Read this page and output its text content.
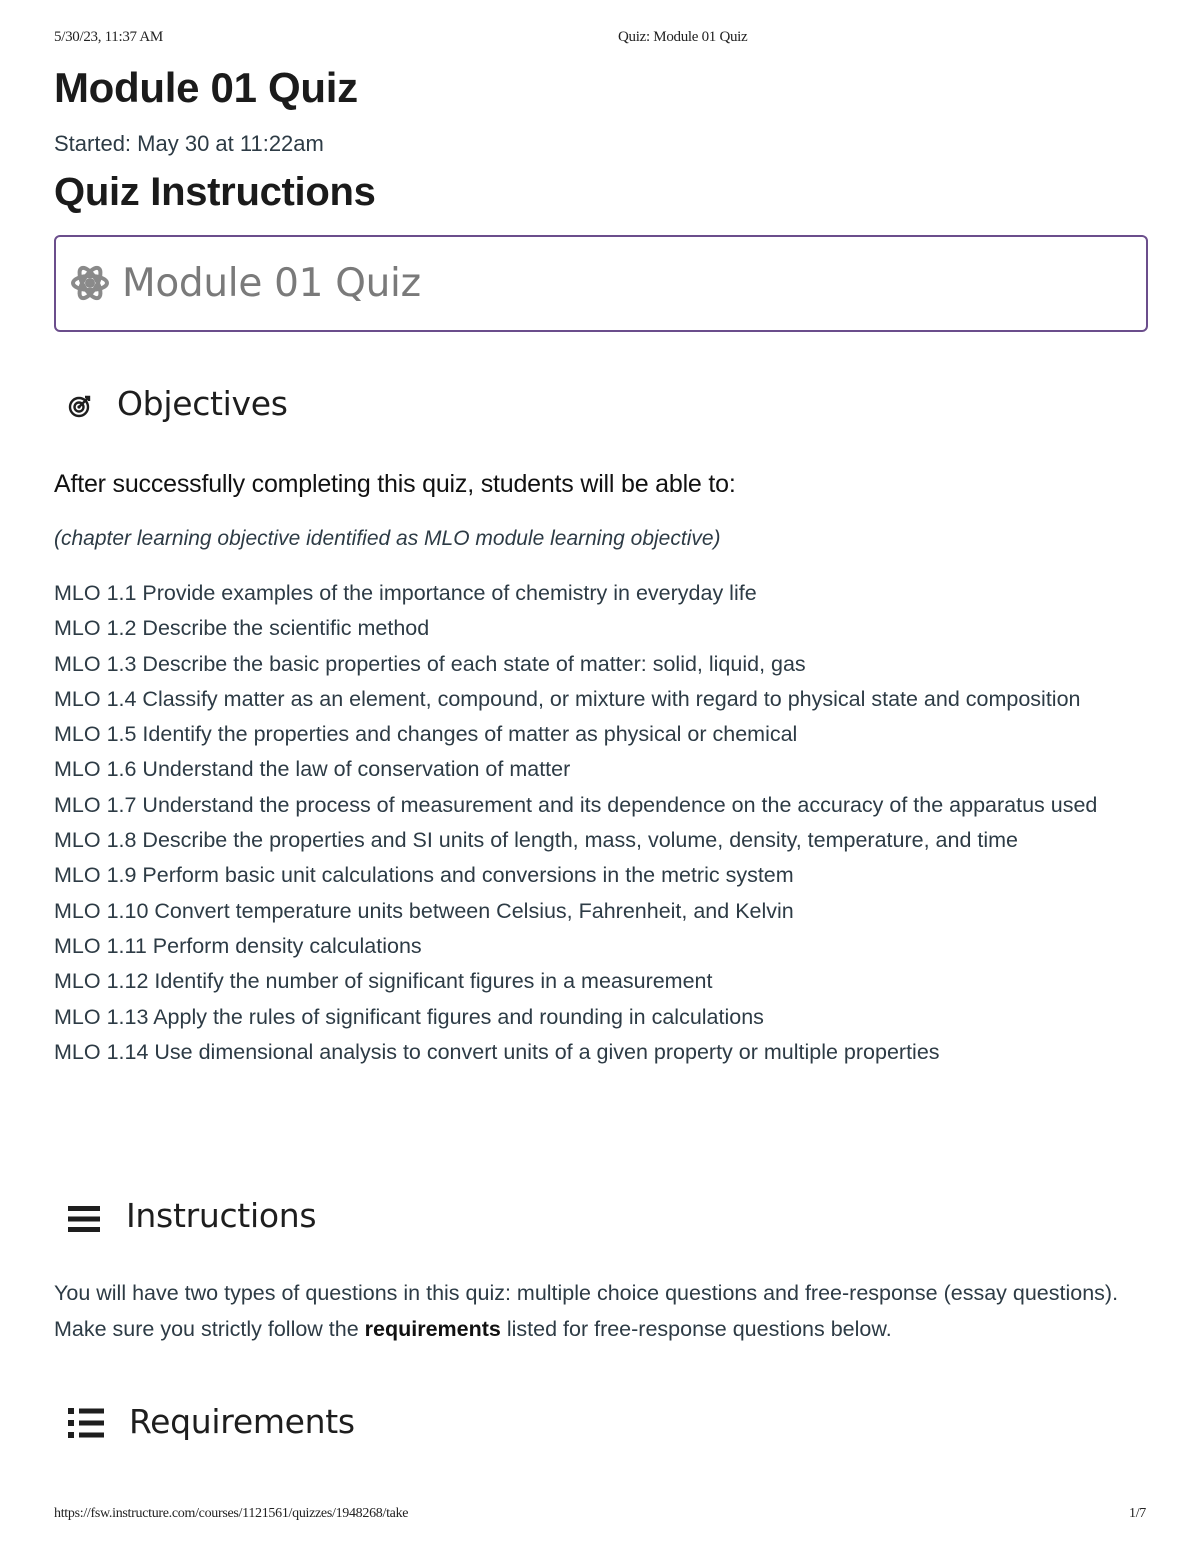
5/30/23, 11:37 AM	Quiz: Module 01 Quiz
Module 01 Quiz
Started: May 30 at 11:22am
Quiz Instructions
Module 01 Quiz
Objectives
After successfully completing this quiz, students will be able to:
(chapter learning objective identified as MLO module learning objective)
MLO 1.1 Provide examples of the importance of chemistry in everyday life
MLO 1.2 Describe the scientific method
MLO 1.3 Describe the basic properties of each state of matter: solid, liquid, gas
MLO 1.4 Classify matter as an element, compound, or mixture with regard to physical state and composition
MLO 1.5 Identify the properties and changes of matter as physical or chemical
MLO 1.6 Understand the law of conservation of matter
MLO 1.7 Understand the process of measurement and its dependence on the accuracy of the apparatus used
MLO 1.8 Describe the properties and SI units of length, mass, volume, density, temperature, and time
MLO 1.9 Perform basic unit calculations and conversions in the metric system
MLO 1.10 Convert temperature units between Celsius, Fahrenheit, and Kelvin
MLO 1.11 Perform density calculations
MLO 1.12 Identify the number of significant figures in a measurement
MLO 1.13 Apply the rules of significant figures and rounding in calculations
MLO 1.14 Use dimensional analysis to convert units of a given property or multiple properties
Instructions
You will have two types of questions in this quiz: multiple choice questions and free-response (essay questions). Make sure you strictly follow the requirements listed for free-response questions below.
Requirements
https://fsw.instructure.com/courses/1121561/quizzes/1948268/take	1/7
